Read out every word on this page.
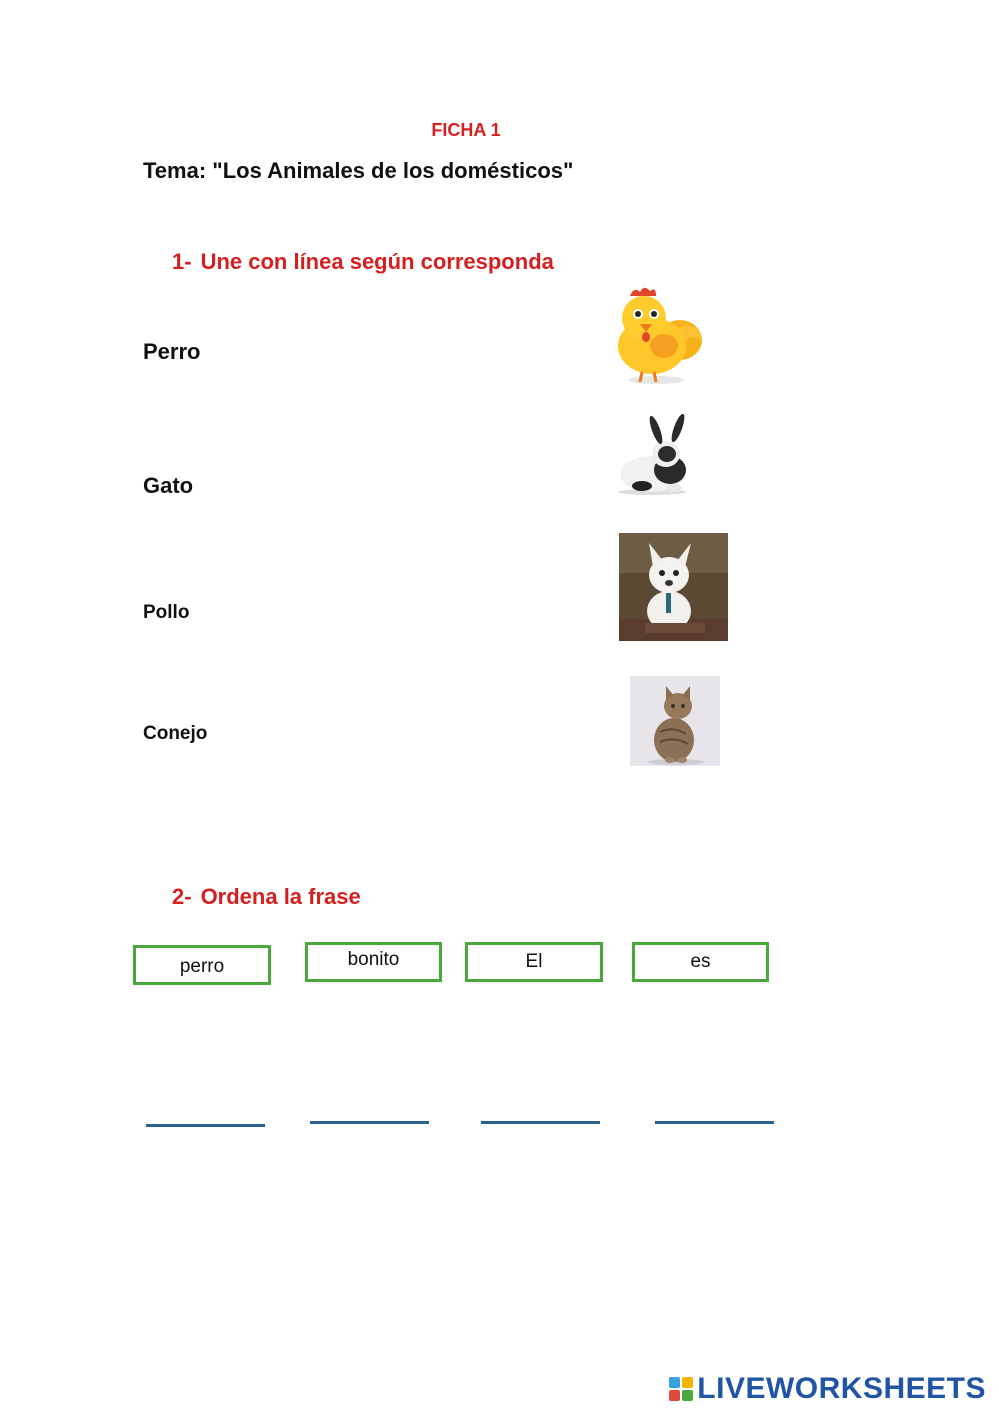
FICHA 1
Tema: "Los Animales de los domésticos"
1- Une con línea según corresponda
Perro
Gato
Pollo
Conejo
2- Ordena la frase
perro	bonito	El	es
LIVEWORKSHEETS
